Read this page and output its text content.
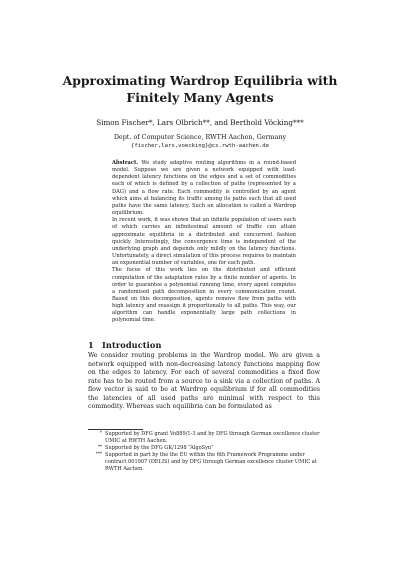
Approximating Wardrop Equilibria with
Finitely Many Agents
Simon Fischer*, Lars Olbrich**, and Berthold Vöcking***
Dept. of Computer Science, RWTH Aachen, Germany
{fischer,lars,voecking}@cs.rwth-aachen.de

Abstract. We study adaptive routing algorithms in a round-based model. Suppose we are given a network equipped with load-dependent latency functions on the edges and a set of commodities each of which is defined by a collection of paths (represented by a DAG) and a flow rate. Each commodity is controlled by an agent which aims at balancing its traffic among its paths such that all used paths have the same latency. Such an allocation is called a Wardrop equilibrium.

In recent work, it was shown that an infinite population of users each of which carries an infinitesimal amount of traffic can attain approximate equilibria in a distributed and concurrent fashion quickly. Interestingly, the convergence time is independent of the underlying graph and depends only mildly on the latency functions. Unfortunately, a direct simulation of this process requires to maintain an exponential number of variables, one for each path.

The focus of this work lies on the distributed and efficient computation of the adaptation rules by a finite number of agents. In order to guarantee a polynomial running time, every agent computes a randomised path decomposition in every communication round. Based on this decomposition, agents remove flow from paths with high latency and reassign it proportionally to all paths. This way, our algorithm can handle exponentially large path collections in polynomial time.

1 Introduction

We consider routing problems in the Wardrop model. We are given a network equipped with non-decreasing latency functions mapping flow on the edges to latency. For each of several commodities a fixed flow rate has to be routed from a source to a sink via a collection of paths. A flow vector is said to be at Wardrop equilibrium if for all commodities the latencies of all used paths are minimal with respect to this commodity. Whereas such equilibria can be formulated as

* Supported by DFG grant Vo889/1-3 and by DFG through German excellence cluster UMIC at RWTH Aachen.
** Supported by the DFG GK/1298 “AlgoSyn”
*** Supported in part by the the EU within the 6th Framework Programme under contract 001907 (DELIS) and by DFG through German excellence cluster UMIC at RWTH Aachen.
